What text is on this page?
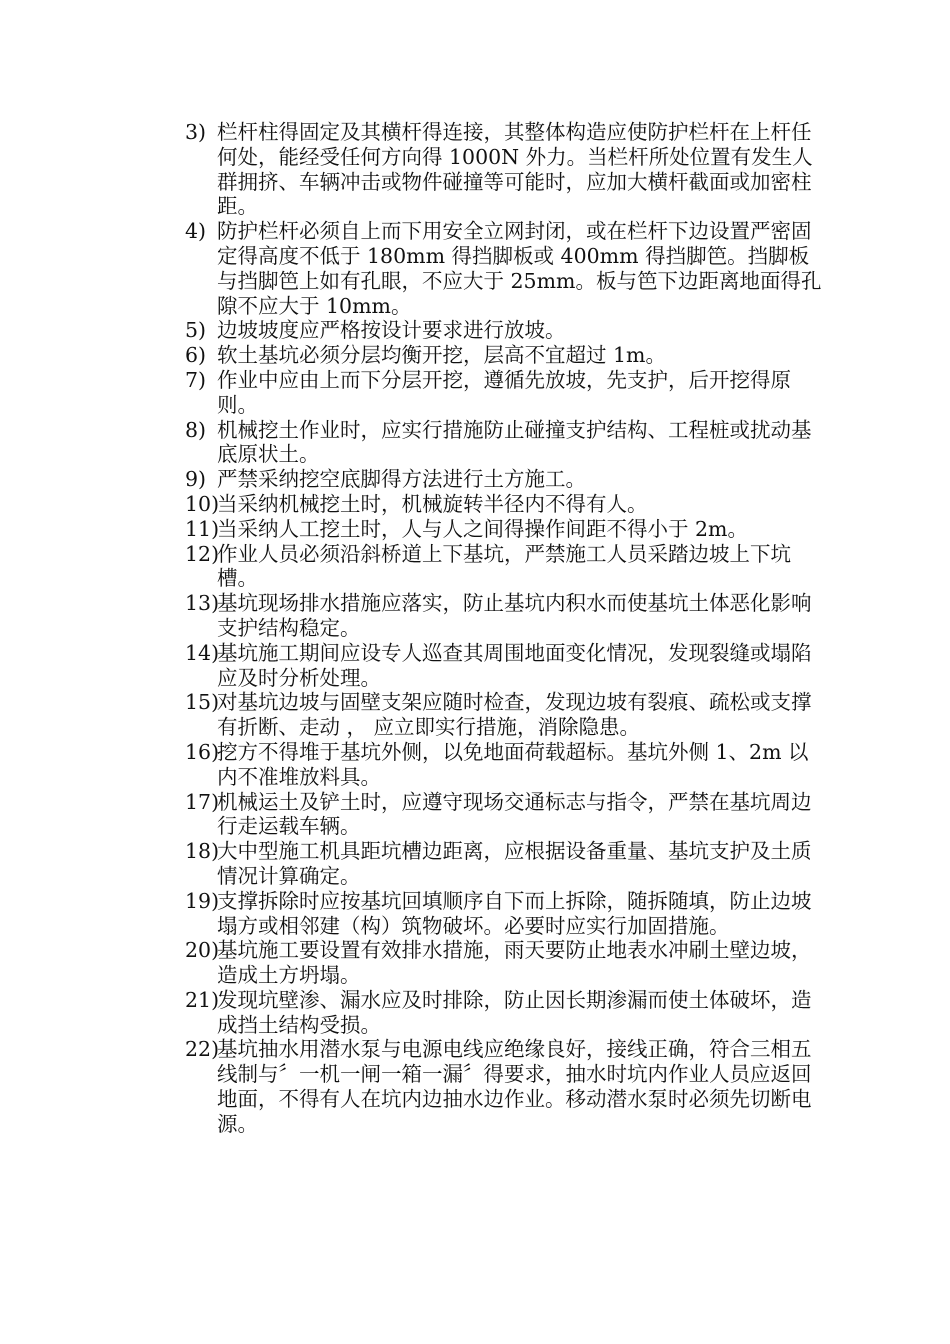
3) 栏杆柱得固定及其横杆得连接，其整体构造应使防护栏杆在上杆任何处，能经受任何方向得 1000N 外力。当栏杆所处位置有发生人群拥挤、车辆冲击或物件碰撞等可能时，应加大横杆截面或加密柱距。
4) 防护栏杆必须自上而下用安全立网封闭，或在栏杆下边设置严密固定得高度不低于 180mm 得挡脚板或 400mm 得挡脚笆。挡脚板与挡脚笆上如有孔眼，不应大于 25mm。板与笆下边距离地面得孔隙不应大于 10mm。
5) 边坡坡度应严格按设计要求进行放坡。
6) 软土基坑必须分层均衡开挖，层高不宜超过 1m。
7) 作业中应由上而下分层开挖，遵循先放坡，先支护，后开挖得原则。
8) 机械挖土作业时，应实行措施防止碰撞支护结构、工程桩或扰动基底原状土。
9) 严禁采纳挖空底脚得方法进行土方施工。
10)
当采纳机械挖土时，机械旋转半径内不得有人。
11)
当采纳人工挖土时，人与人之间得操作间距不得小于 2m。
12)
作业人员必须沿斜桥道上下基坑，严禁施工人员采踏边坡上下坑槽。
13)
基坑现场排水措施应落实，防止基坑内积水而使基坑土体恶化影响支护结构稳定。
14)
基坑施工期间应设专人巡查其周围地面变化情况，发现裂缝或塌陷应及时分析处理。
15)
对基坑边坡与固壁支架应随时检查，发现边坡有裂痕、疏松或支撑有折断、走动 ， 应立即实行措施，消除隐患。
16)
挖方不得堆于基坑外侧，以免地面荷载超标。基坑外侧 1、2m 以内不准堆放料具。
17)
机械运土及铲土时，应遵守现场交通标志与指令，严禁在基坑周边行走运载车辆。
18)
大中型施工机具距坑槽边距离，应根据设备重量、基坑支护及土质情况计算确定。
19)
支撑拆除时应按基坑回填顺序自下而上拆除，随拆随填，防止边坡塌方或相邻建（构）筑物破坏。必要时应实行加固措施。
20)
基坑施工要设置有效排水措施，雨天要防止地表水冲刷土壁边坡，造成土方坍塌。
21)
发现坑壁渗、漏水应及时排除，防止因长期渗漏而使土体破坏，造成挡土结构受损。
22)
基坑抽水用潜水泵与电源电线应绝缘良好，接线正确，符合三相五线制与〞一机一闸一箱一漏〞得要求，抽水时坑内作业人员应返回地面，不得有人在坑内边抽水边作业。移动潜水泵时必须先切断电源。
